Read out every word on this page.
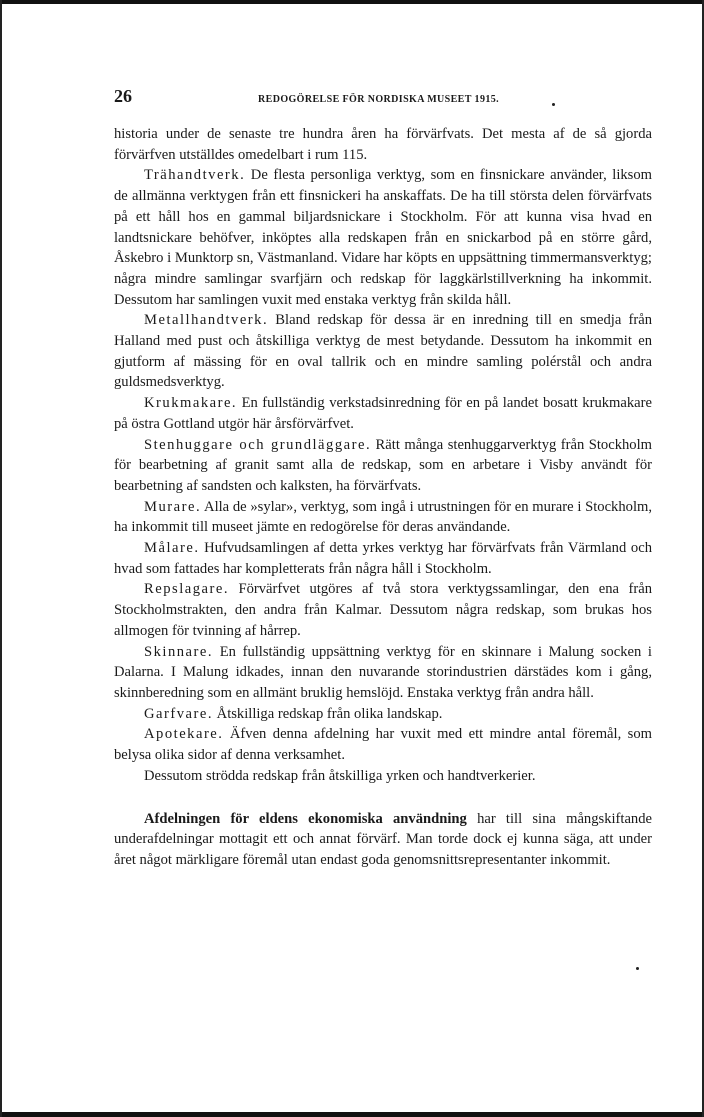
26	REDOGÖRELSE FÖR NORDISKA MUSEET 1915.

historia under de senaste tre hundra åren ha förvärfvats. Det mesta af de så gjorda förvärfven utställdes omedelbart i rum 115.

Trähandtverk. De flesta personliga verktyg, som en finsnickare använder, liksom de allmänna verktygen från ett finsnickeri ha anskaffats. De ha till största delen förvärfvats på ett håll hos en gammal biljardsnickare i Stockholm. För att kunna visa hvad en landtsnickare behöfver, inköptes alla redskapen från en snickarbod på en större gård, Åskebro i Munktorp sn, Västmanland. Vidare har köpts en uppsättning timmermansverktyg; några mindre samlingar svarfjärn och redskap för laggkärlstillverkning ha inkommit. Dessutom har samlingen vuxit med enstaka verktyg från skilda håll.

Metallhandtverk. Bland redskap för dessa är en inredning till en smedja från Halland med pust och åtskilliga verktyg de mest betydande. Dessutom ha inkommit en gjutform af mässing för en oval tallrik och en mindre samling polérstål och andra guldsmedsverktyg.

Krukmakare. En fullständig verkstadsinredning för en på landet bosatt krukmakare på östra Gottland utgör här årsförvärfvet.

Stenhuggare och grundläggare. Rätt många stenhuggarverktyg från Stockholm för bearbetning af granit samt alla de redskap, som en arbetare i Visby användt för bearbetning af sandsten och kalksten, ha förvärfvats.

Murare. Alla de »sylar», verktyg, som ingå i utrustningen för en murare i Stockholm, ha inkommit till museet jämte en redogörelse för deras användande.

Målare. Hufvudsamlingen af detta yrkes verktyg har förvärfvats från Värmland och hvad som fattades har kompletterats från några håll i Stockholm.

Repslagare. Förvärfvet utgöres af två stora verktygssamlingar, den ena från Stockholmstrakten, den andra från Kalmar. Dessutom några redskap, som brukas hos allmogen för tvinning af hårrep.

Skinnare. En fullständig uppsättning verktyg för en skinnare i Malung socken i Dalarna. I Malung idkades, innan den nuvarande storindustrien därstädes kom i gång, skinnberedning som en allmänt bruklig hemslöjd. Enstaka verktyg från andra håll.

Garfvare. Åtskilliga redskap från olika landskap.

Apotekare. Äfven denna afdelning har vuxit med ett mindre antal föremål, som belysa olika sidor af denna verksamhet.

Dessutom strödda redskap från åtskilliga yrken och handtverkerier.

Afdelningen för eldens ekonomiska användning har till sina mångskiftande underafdelningar mottagit ett och annat förvärf. Man torde dock ej kunna säga, att under året något märkligare föremål utan endast goda genomsnittsrepresentanter inkommit.
